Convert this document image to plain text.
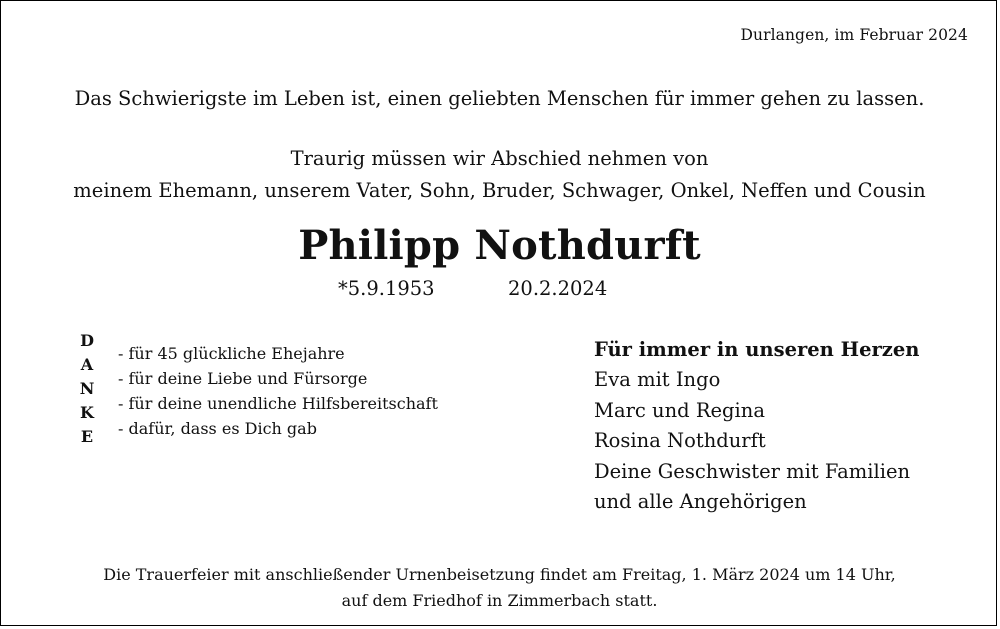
Durlangen, im Februar 2024
Das Schwierigste im Leben ist, einen geliebten Menschen für immer gehen zu lassen.
Traurig müssen wir Abschied nehmen von
meinem Ehemann, unserem Vater, Sohn, Bruder, Schwager, Onkel, Neffen und Cousin
Philipp Nothdurft
*5.9.1953	20.2.2024
D
A
N
K
E
- für 45 glückliche Ehejahre
- für deine Liebe und Fürsorge
- für deine unendliche Hilfsbereitschaft
- dafür, dass es Dich gab
Für immer in unseren Herzen
Eva mit Ingo
Marc und Regina
Rosina Nothdurft
Deine Geschwister mit Familien
und alle Angehörigen
Die Trauerfeier mit anschließender Urnenbeisetzung findet am Freitag, 1. März 2024 um 14 Uhr,
auf dem Friedhof in Zimmerbach statt.
